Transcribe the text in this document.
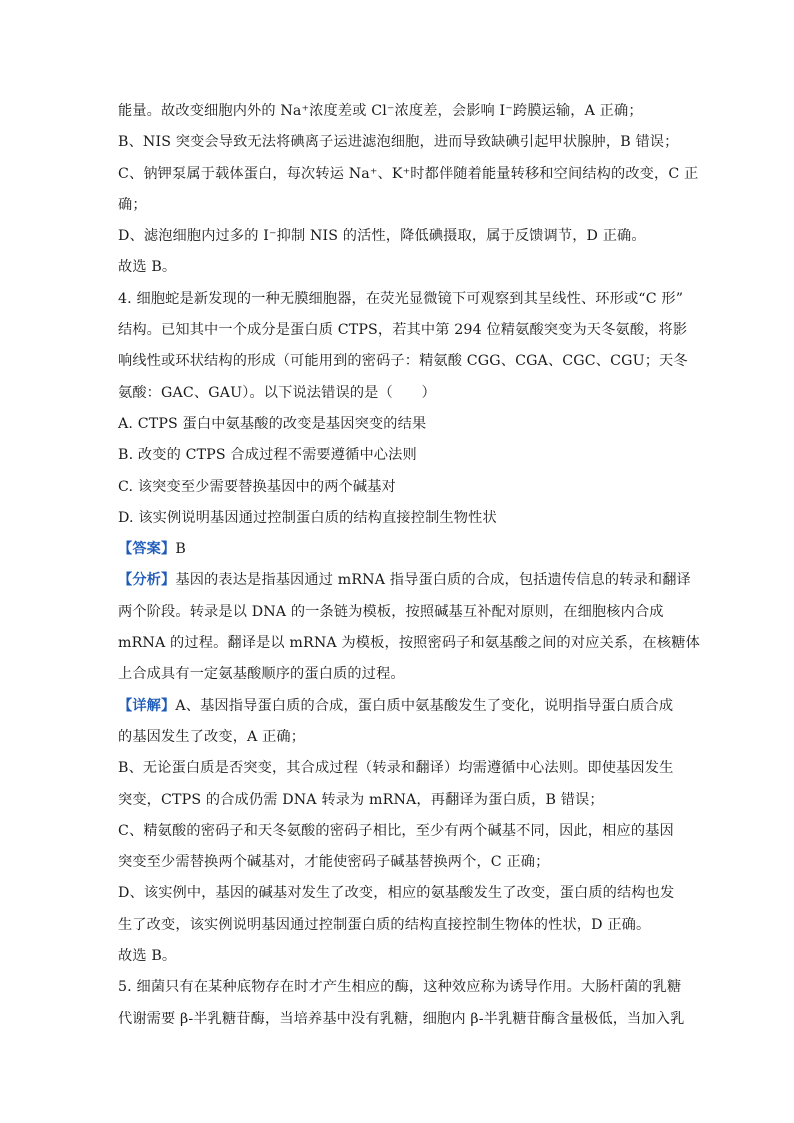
能量。故改变细胞内外的 Na⁺浓度差或 Cl⁻浓度差，会影响 I⁻跨膜运输，A 正确；
B、NIS 突变会导致无法将碘离子运进滤泡细胞，进而导致缺碘引起甲状腺肿，B 错误；
C、钠钾泵属于载体蛋白，每次转运 Na⁺、K⁺时都伴随着能量转移和空间结构的改变，C 正
确；
D、滤泡细胞内过多的 I⁻抑制 NIS 的活性，降低碘摄取，属于反馈调节，D 正确。
故选 B。
4. 细胞蛇是新发现的一种无膜细胞器，在荧光显微镜下可观察到其呈线性、环形或“C 形”
结构。已知其中一个成分是蛋白质 CTPS，若其中第 294 位精氨酸突变为天冬氨酸，将影
响线性或环状结构的形成（可能用到的密码子：精氨酸 CGG、CGA、CGC、CGU；天冬
氨酸：GAC、GAU）。以下说法错误的是（　　）
A. CTPS 蛋白中氨基酸的改变是基因突变的结果
B. 改变的 CTPS 合成过程不需要遵循中心法则
C. 该突变至少需要替换基因中的两个碱基对
D. 该实例说明基因通过控制蛋白质的结构直接控制生物性状
【答案】B
【分析】基因的表达是指基因通过 mRNA 指导蛋白质的合成，包括遗传信息的转录和翻译
两个阶段。转录是以 DNA 的一条链为模板，按照碱基互补配对原则，在细胞核内合成
mRNA 的过程。翻译是以 mRNA 为模板，按照密码子和氨基酸之间的对应关系，在核糖体
上合成具有一定氨基酸顺序的蛋白质的过程。
【详解】A、基因指导蛋白质的合成，蛋白质中氨基酸发生了变化，说明指导蛋白质合成
的基因发生了改变，A 正确；
B、无论蛋白质是否突变，其合成过程（转录和翻译）均需遵循中心法则。即使基因发生
突变，CTPS 的合成仍需 DNA 转录为 mRNA，再翻译为蛋白质，B 错误；
C、精氨酸的密码子和天冬氨酸的密码子相比，至少有两个碱基不同，因此，相应的基因
突变至少需替换两个碱基对，才能使密码子碱基替换两个，C 正确；
D、该实例中，基因的碱基对发生了改变，相应的氨基酸发生了改变，蛋白质的结构也发
生了改变，该实例说明基因通过控制蛋白质的结构直接控制生物体的性状，D 正确。
故选 B。
5. 细菌只有在某种底物存在时才产生相应的酶，这种效应称为诱导作用。大肠杆菌的乳糖
代谢需要 β-半乳糖苷酶，当培养基中没有乳糖，细胞内 β-半乳糖苷酶含量极低，当加入乳
